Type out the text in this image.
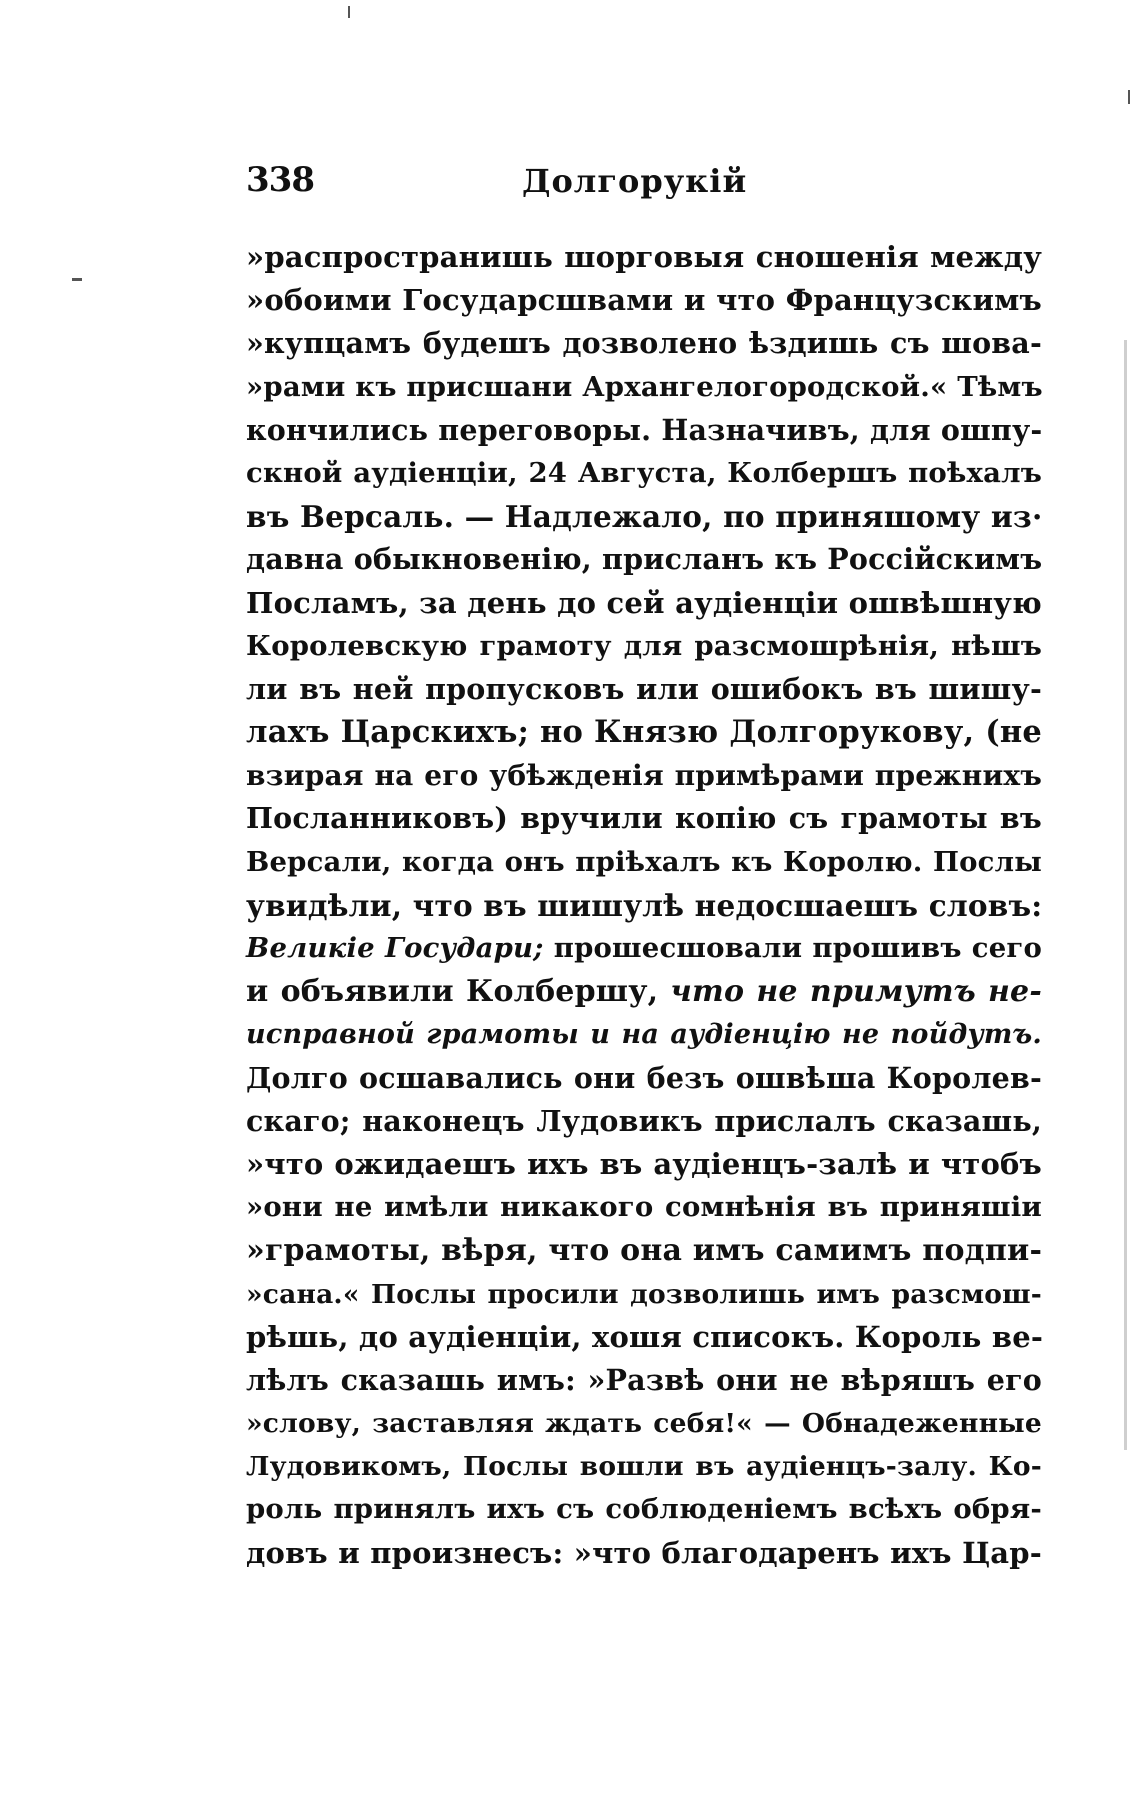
338	Долгорукій
»распространишь шорговыя сношенія между
»обоими Государсшвами и что Французскимъ
»купцамъ будешъ дозволено ѣздишь съ шова-
»рами къ присшани Архангелогородской.« Тѣмъ
кончились переговоры. Назначивъ, для ошпу-
скной аудіенціи, 24 Августа, Колбершъ поѣхалъ
въ Версаль. — Надлежало, по приняшому из·
давна обыкновенію, присланъ къ Россійскимъ
Посламъ, за день до сей аудіенціи ошвѣшную
Королевскую грамоту для разсмошрѣнія, нѣшъ
ли въ ней пропусковъ или ошибокъ въ шишу-
лахъ Царскихъ; но Князю Долгорукову, (не
взирая на его убѣжденія примѣрами прежнихъ
Посланниковъ) вручили копію съ грамоты въ
Версали, когда онъ пріѣхалъ къ Королю. Послы
увидѣли, что въ шишулѣ недосшаешъ словъ:
Великіе Государи; прошесшовали прошивъ сего
и объявили Колбершу, что не примутъ не-
исправной грамоты и на аудіенцію не пойдутъ.
Долго осшавались они безъ ошвѣша Королев-
скаго; наконецъ Лудовикъ прислалъ сказашь,
»что ожидаешъ ихъ въ аудіенцъ-залѣ и чтобъ
»они не имѣли никакого сомнѣнія въ приняшіи
»грамоты, вѣря, что она имъ самимъ подпи-
»сана.« Послы просили дозволишь имъ разсмош-
рѣшь, до аудіенціи, хошя списокъ. Король ве-
лѣлъ сказашь имъ: »Развѣ они не вѣряшъ его
»слову, заставляя ждать себя!« — Обнадеженные
Лудовикомъ, Послы вошли въ аудіенцъ-залу. Ко-
роль принялъ ихъ съ соблюденіемъ всѣхъ обря-
довъ и произнесъ: »что благодаренъ ихъ Цар-
